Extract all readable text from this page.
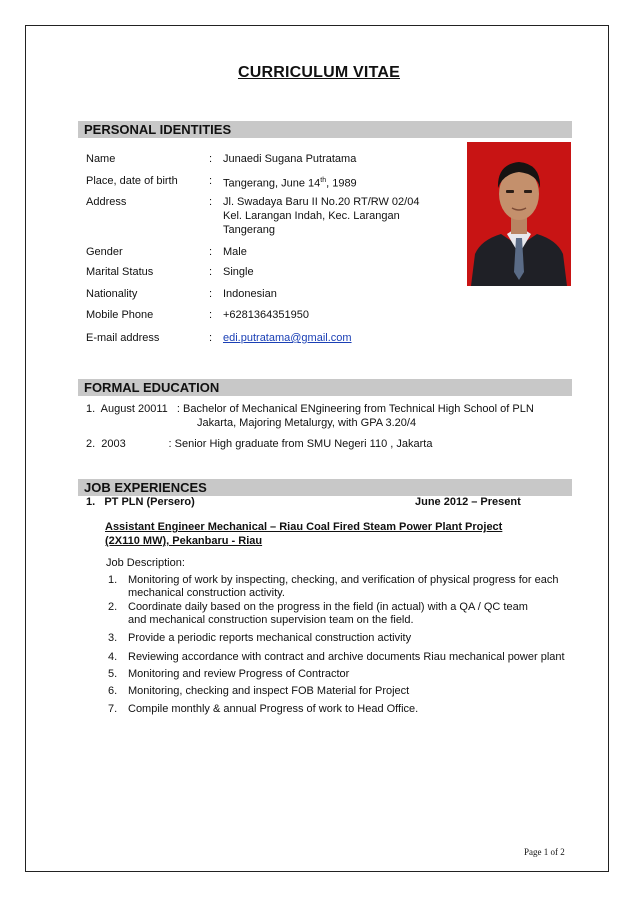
CURRICULUM VITAE
PERSONAL IDENTITIES
Name	: Junaedi Sugana Putratama
Place, date of birth	: Tangerang, June 14th, 1989
Address	: Jl. Swadaya Baru II No.20 RT/RW 02/04
Kel. Larangan Indah, Kec. Larangan
Tangerang
Gender	: Male
Marital Status	: Single
Nationality	: Indonesian
Mobile Phone	: +6281364351950
E-mail address	: edi.putratama@gmail.com
FORMAL EDUCATION
1.  August 20011   : Bachelor of Mechanical ENgineering from Technical High School of PLN
Jakarta, Majoring Metalurgy, with GPA 3.20/4
2.  2003              : Senior High graduate from SMU Negeri 110 , Jakarta
JOB EXPERIENCES
1.   PT PLN (Persero)	June 2012 – Present
Assistant Engineer Mechanical – Riau Coal Fired Steam Power Plant Project
(2X110 MW), Pekanbaru - Riau
Job Description:
1. Monitoring of work by inspecting, checking, and verification of physical progress for each
mechanical construction activity.
2. Coordinate daily based on the progress in the field (in actual) with a QA / QC team
and mechanical construction supervision team on the field.
3. Provide a periodic reports mechanical construction activity
4. Reviewing accordance with contract and archive documents Riau mechanical power plant
5. Monitoring and review Progress of Contractor
6. Monitoring, checking and inspect FOB Material for Project
7. Compile monthly & annual Progress of work to Head Office.
Page 1 of 2
